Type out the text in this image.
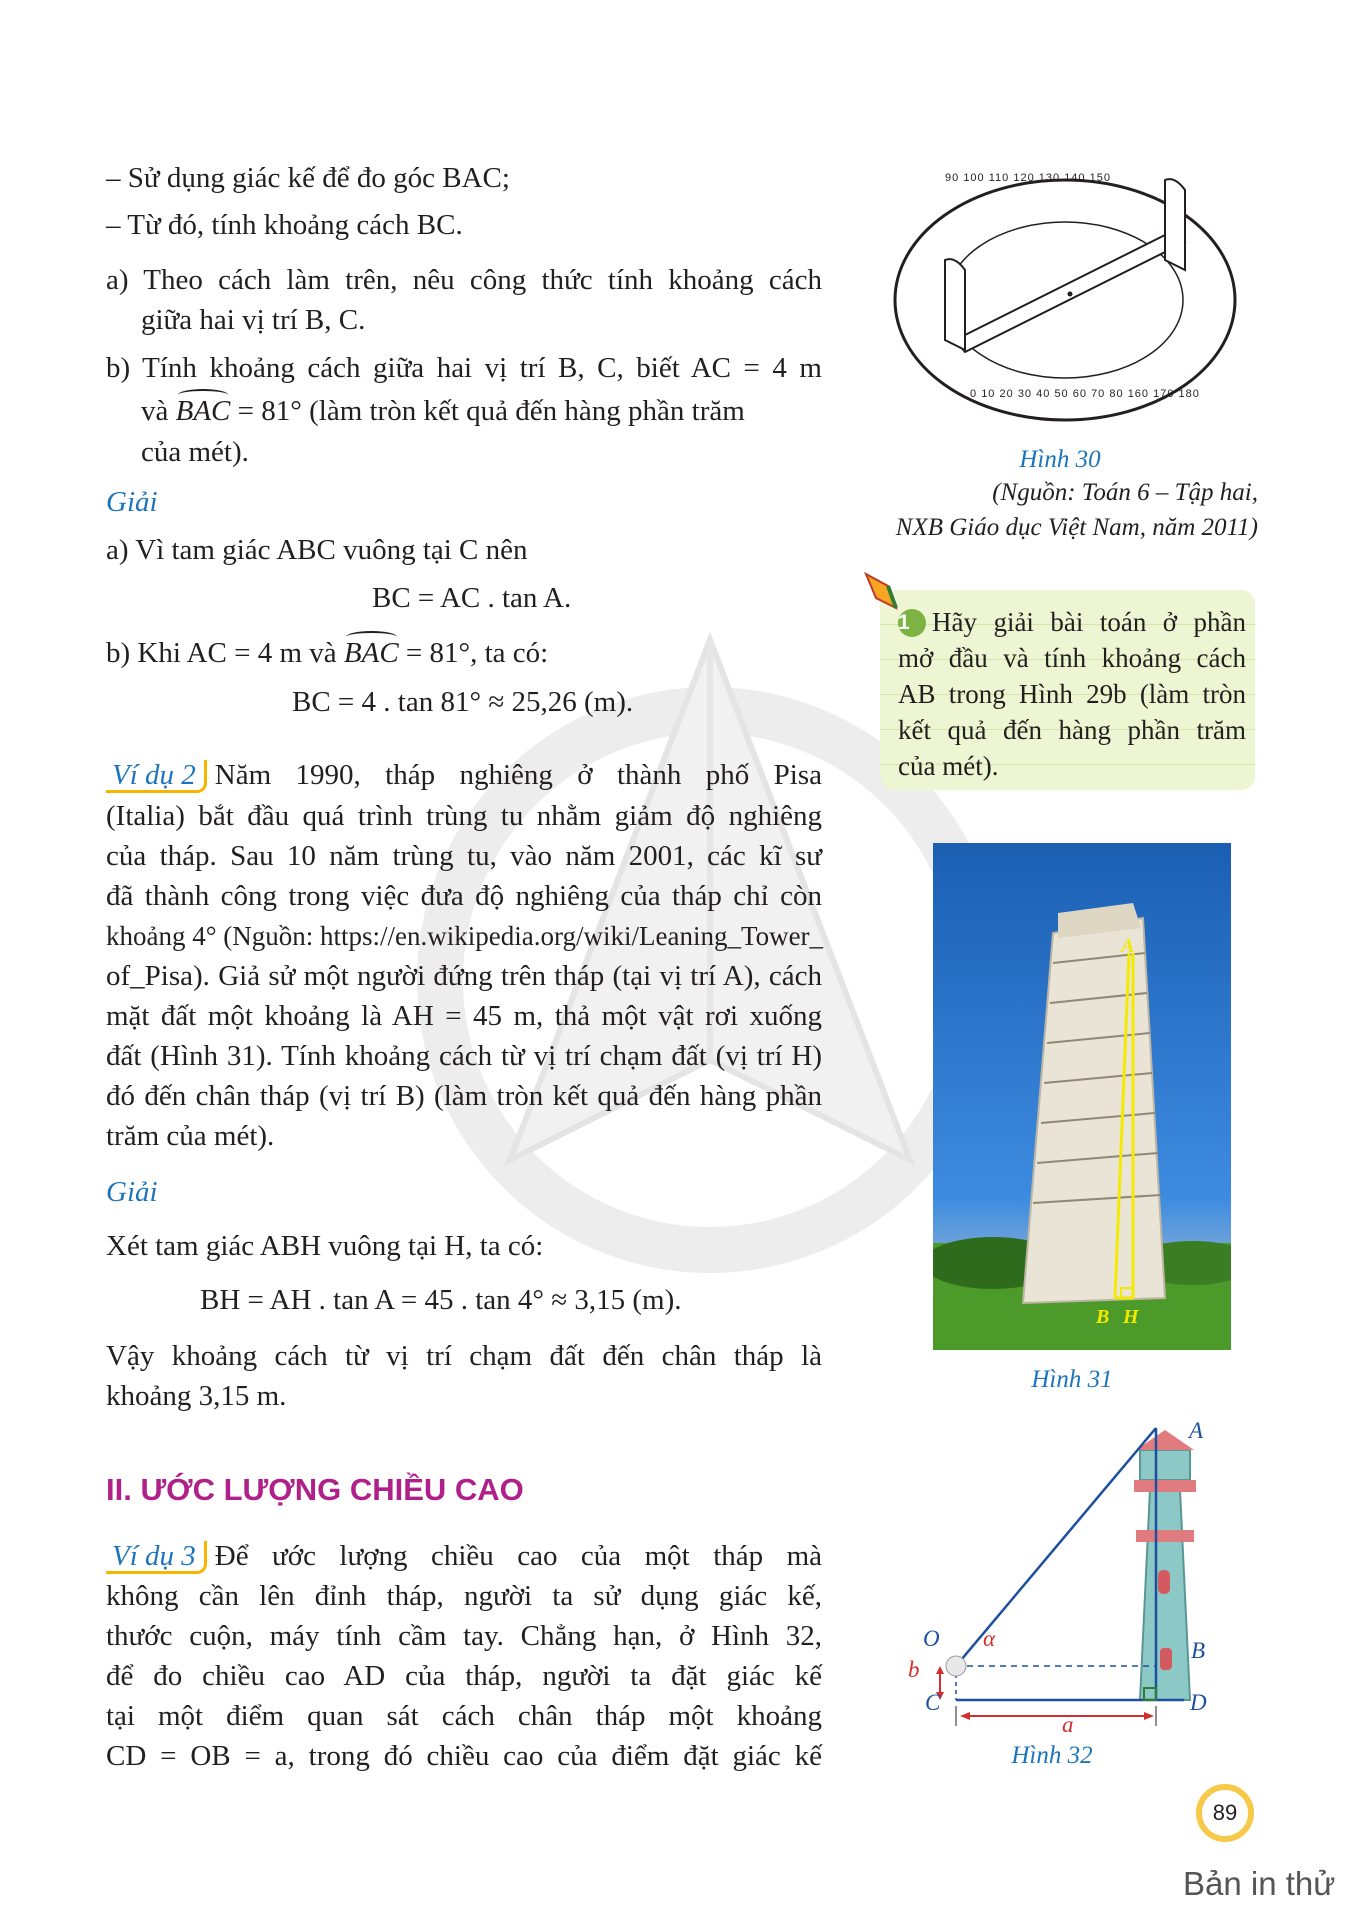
– Sử dụng giác kế để đo góc BAC;
– Từ đó, tính khoảng cách BC.
a) Theo cách làm trên, nêu công thức tính khoảng cách
giữa hai vị trí B, C.
b) Tính khoảng cách giữa hai vị trí B, C, biết AC = 4 m
và BAC = 81° (làm tròn kết quả đến hàng phần trăm
của mét).
Giải
a) Vì tam giác ABC vuông tại C nên
BC = AC . tan A.
b) Khi AC = 4 m và BAC = 81°, ta có:
BC = 4 . tan 81° ≈ 25,26 (m).
Ví dụ 2 Năm 1990, tháp nghiêng ở thành phố Pisa
(Italia) bắt đầu quá trình trùng tu nhằm giảm độ nghiêng
của tháp. Sau 10 năm trùng tu, vào năm 2001, các kĩ sư
đã thành công trong việc đưa độ nghiêng của tháp chỉ còn
khoảng 4° (Nguồn: https://en.wikipedia.org/wiki/Leaning_Tower_
of_Pisa). Giả sử một người đứng trên tháp (tại vị trí A), cách
mặt đất một khoảng là AH = 45 m, thả một vật rơi xuống
đất (Hình 31). Tính khoảng cách từ vị trí chạm đất (vị trí H)
đó đến chân tháp (vị trí B) (làm tròn kết quả đến hàng phần
trăm của mét).
Giải
Xét tam giác ABH vuông tại H, ta có:
BH = AH . tan A = 45 . tan 4° ≈ 3,15 (m).
Vậy khoảng cách từ vị trí chạm đất đến chân tháp là
khoảng 3,15 m.
II. ƯỚC LƯỢNG CHIỀU CAO
Ví dụ 3 Để ước lượng chiều cao của một tháp mà
không cần lên đỉnh tháp, người ta sử dụng giác kế,
thước cuộn, máy tính cầm tay. Chẳng hạn, ở Hình 32,
để đo chiều cao AD của tháp, người ta đặt giác kế
tại một điểm quan sát cách chân tháp một khoảng
CD = OB = a, trong đó chiều cao của điểm đặt giác kế
90 100 110 120 130 140 150
0 10 20 30 40 50 60 70 80 160 170 180
Hình 30
(Nguồn: Toán 6 – Tập hai,
NXB Giáo dục Việt Nam, năm 2011)
1 Hãy giải bài toán ở phần
mở đầu và tính khoảng cách
AB trong Hình 29b (làm tròn
kết quả đến hàng phần trăm
của mét).
A
B H
Hình 31
A
B
O
C	D
α
a
b
Hình 32
89
Bản in thử
